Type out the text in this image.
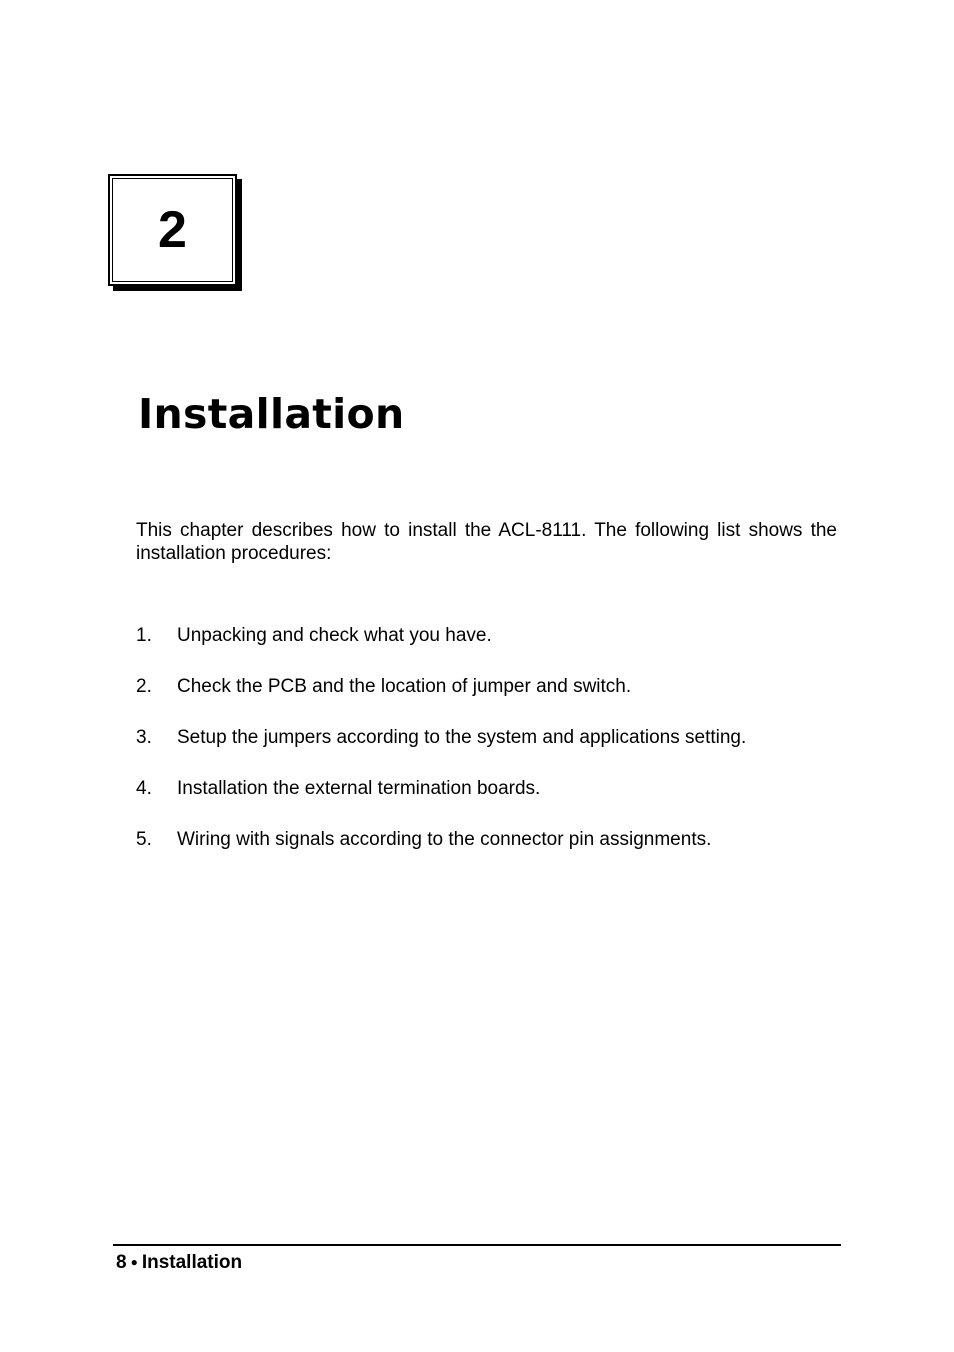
2
Installation

This chapter describes how to install the ACL-8111. The following list shows the installation procedures:

1.	Unpacking and check what you have.
2.	Check the PCB and the location of jumper and switch.
3.	Setup the jumpers according to the system and applications setting.
4.	Installation the external termination boards.
5.	Wiring with signals according to the connector pin assignments.
8 ● Installation
